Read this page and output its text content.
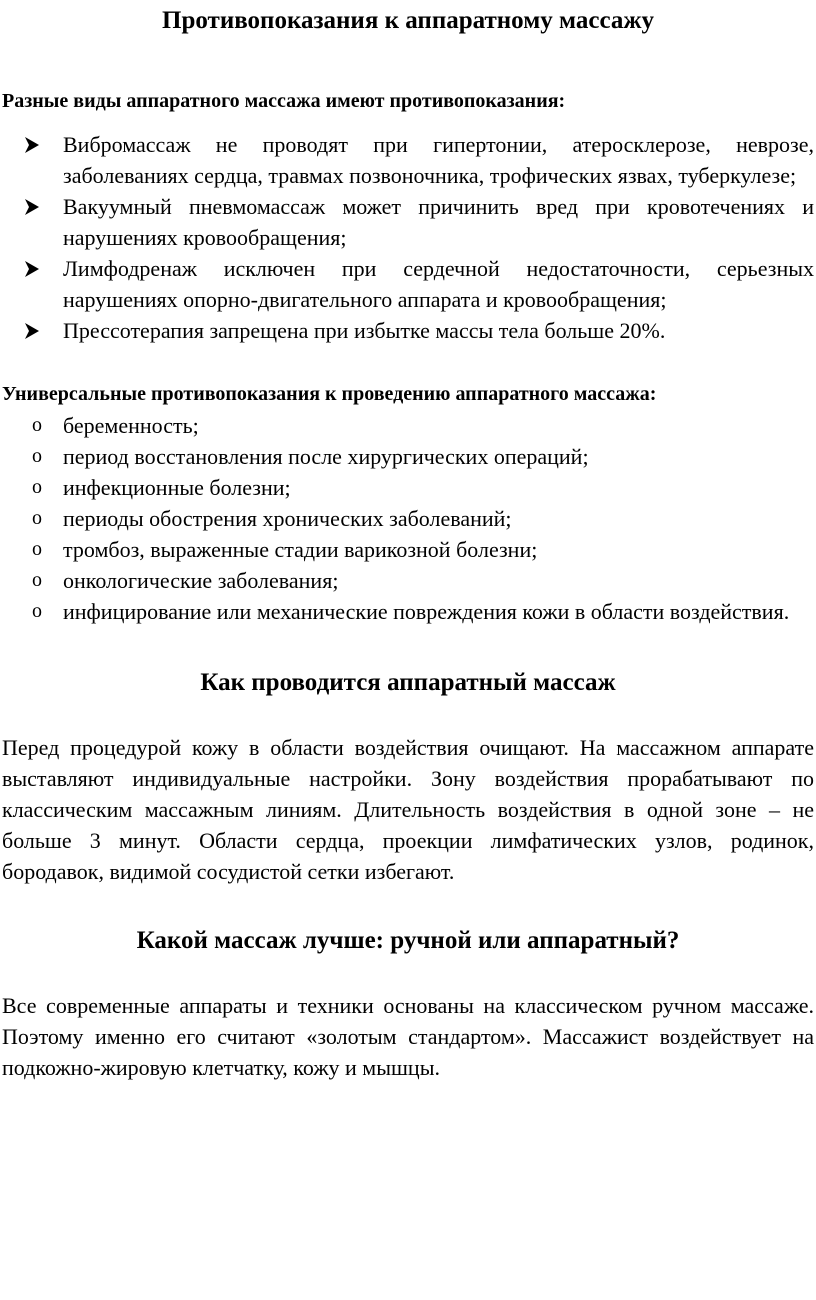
Противопоказания к аппаратному массажу

Разные виды аппаратного массажа имеют противопоказания:

Вибромассаж не проводят при гипертонии, атеросклерозе, неврозе, заболеваниях сердца, травмах позвоночника, трофических язвах, туберкулезе;
Вакуумный пневмомассаж может причинить вред при кровотечениях и нарушениях кровообращения;
Лимфодренаж исключен при сердечной недостаточности, серьезных нарушениях опорно-двигательного аппарата и кровообращения;
Прессотерапия запрещена при избытке массы тела больше 20%.

Универсальные противопоказания к проведению аппаратного массажа:

o беременность;
o период восстановления после хирургических операций;
o инфекционные болезни;
o периоды обострения хронических заболеваний;
o тромбоз, выраженные стадии варикозной болезни;
o онкологические заболевания;
o инфицирование или механические повреждения кожи в области воздействия.
Как проводится аппаратный массаж

Перед процедурой кожу в области воздействия очищают. На массажном аппарате выставляют индивидуальные настройки. Зону воздействия прорабатывают по классическим массажным линиям. Длительность воздействия в одной зоне – не больше 3 минут. Области сердца, проекции лимфатических узлов, родинок, бородавок, видимой сосудистой сетки избегают.

Какой массаж лучше: ручной или аппаратный?

Все современные аппараты и техники основаны на классическом ручном массаже. Поэтому именно его считают «золотым стандартом». Массажист воздействует на подкожно-жировую клетчатку, кожу и мышцы.
